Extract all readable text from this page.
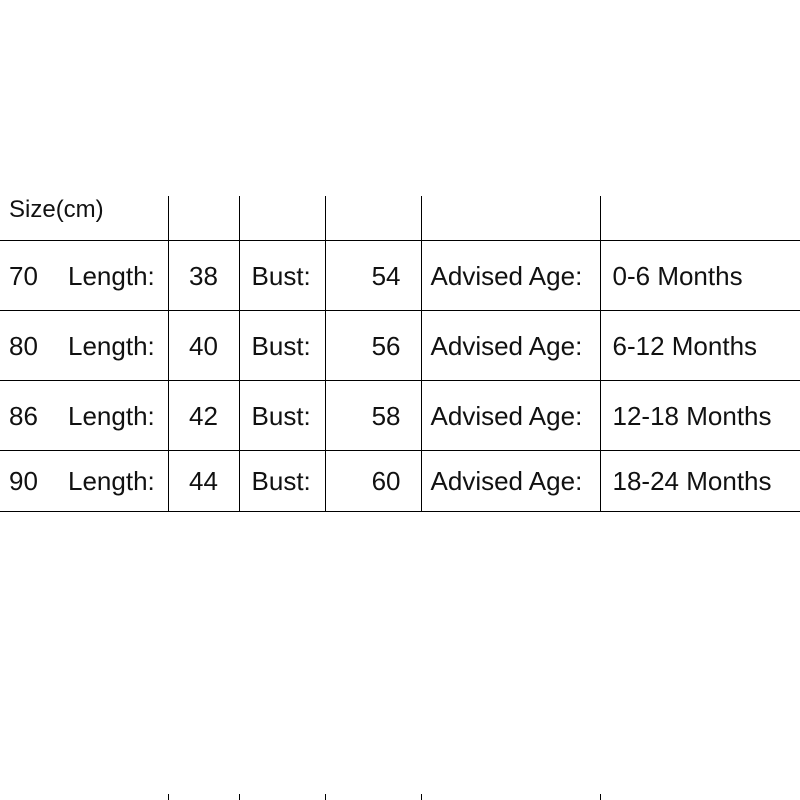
Size(cm)						
70	Length:	38	Bust:	54	Advised Age:	0-6 Months
80	Length:	40	Bust:	56	Advised Age:	6-12 Months
86	Length:	42	Bust:	58	Advised Age:	12-18 Months
90	Length:	44	Bust:	60	Advised Age:	18-24 Months
